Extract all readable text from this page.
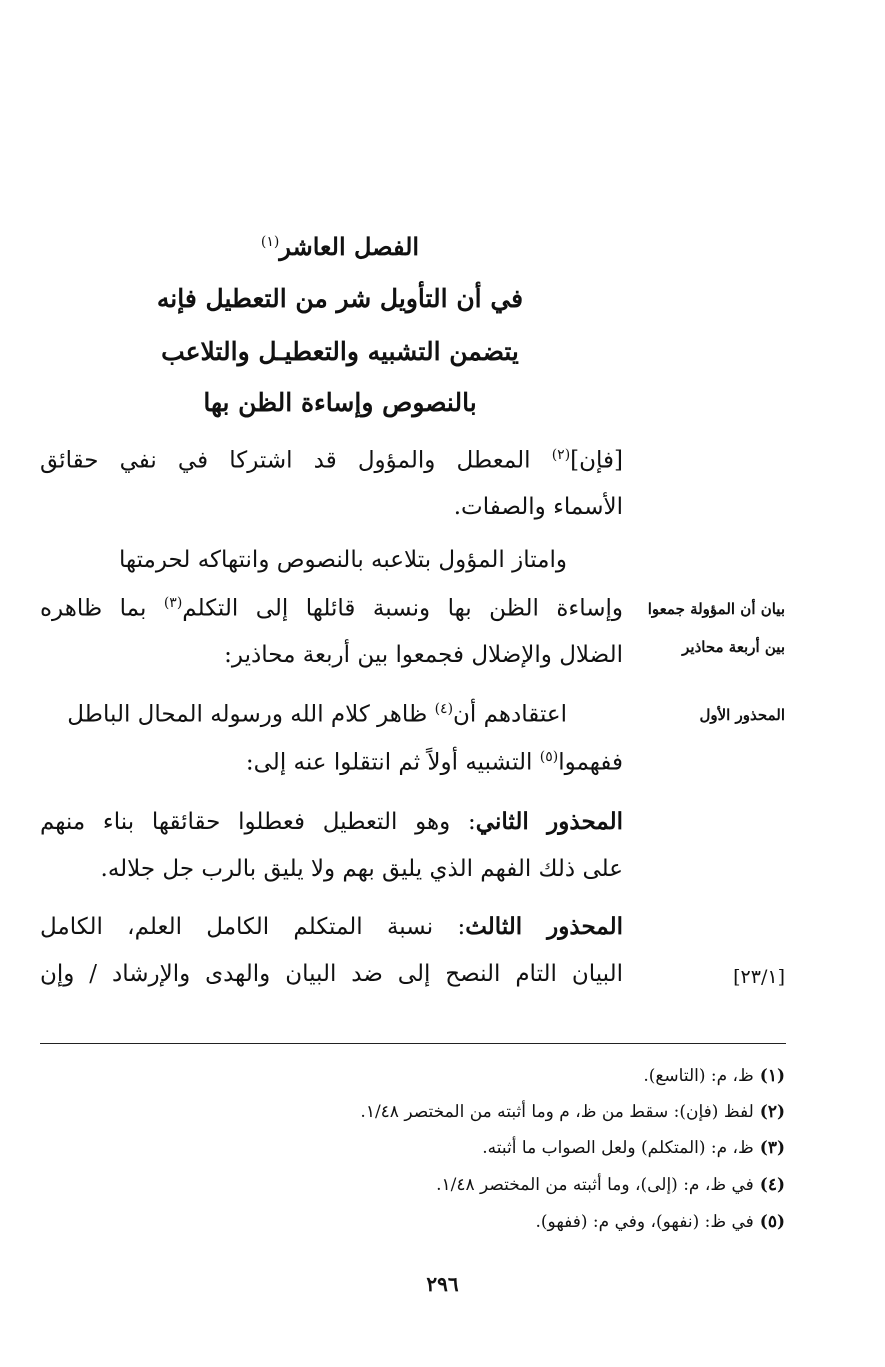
الفصل العاشر$^{(١)}$
في أن التأويل شر من التعطيل فإنه
يتضمن التشبيه والتعطيـل والتلاعب
بالنصوص وإساءة الظن بها
[فإن]$^{(٢)}$ المعطل والمؤول قد اشتركا في نفي حقائق
الأسماء والصفات.
وامتاز المؤول بتلاعبه بالنصوص وانتهاكه لحرمتها
وإساءة الظن بها ونسبة قائلها إلى التكلم$^{(٣)}$ بما ظاهره
الضلال والإضلال فجمعوا بين أربعة محاذير:
اعتقادهم أن$^{(٤)}$ ظاهر كلام الله ورسوله المحال الباطل
ففهموا$^{(٥)}$ التشبيه أولاً ثم انتقلوا عنه إلى:
المحذور الثاني: وهو التعطيل فعطلوا حقائقها بناء منهم
على ذلك الفهم الذي يليق بهم ولا يليق بالرب جل جلاله.
المحذور الثالث: نسبة المتكلم الكامل العلم، الكامل
البيان التام النصح إلى ضد البيان والهدى والإرشاد / وإن
بيان أن المؤولة جمعوا
بين أربعة محاذير
المحذور الأول
[٢٣/١]
(١)ظ، م: (التاسع).
(٢)لفظ (فإن): سقط من ظ، م وما أثبته من المختصر ١/٤٨.
(٣)ظ، م: (المتكلم) ولعل الصواب ما أثبته.
(٤)في ظ، م: (إلى)، وما أثبته من المختصر ١/٤٨.
(٥)في ظ: (نفهو)، وفي م: (ففهو).
٢٩٦
